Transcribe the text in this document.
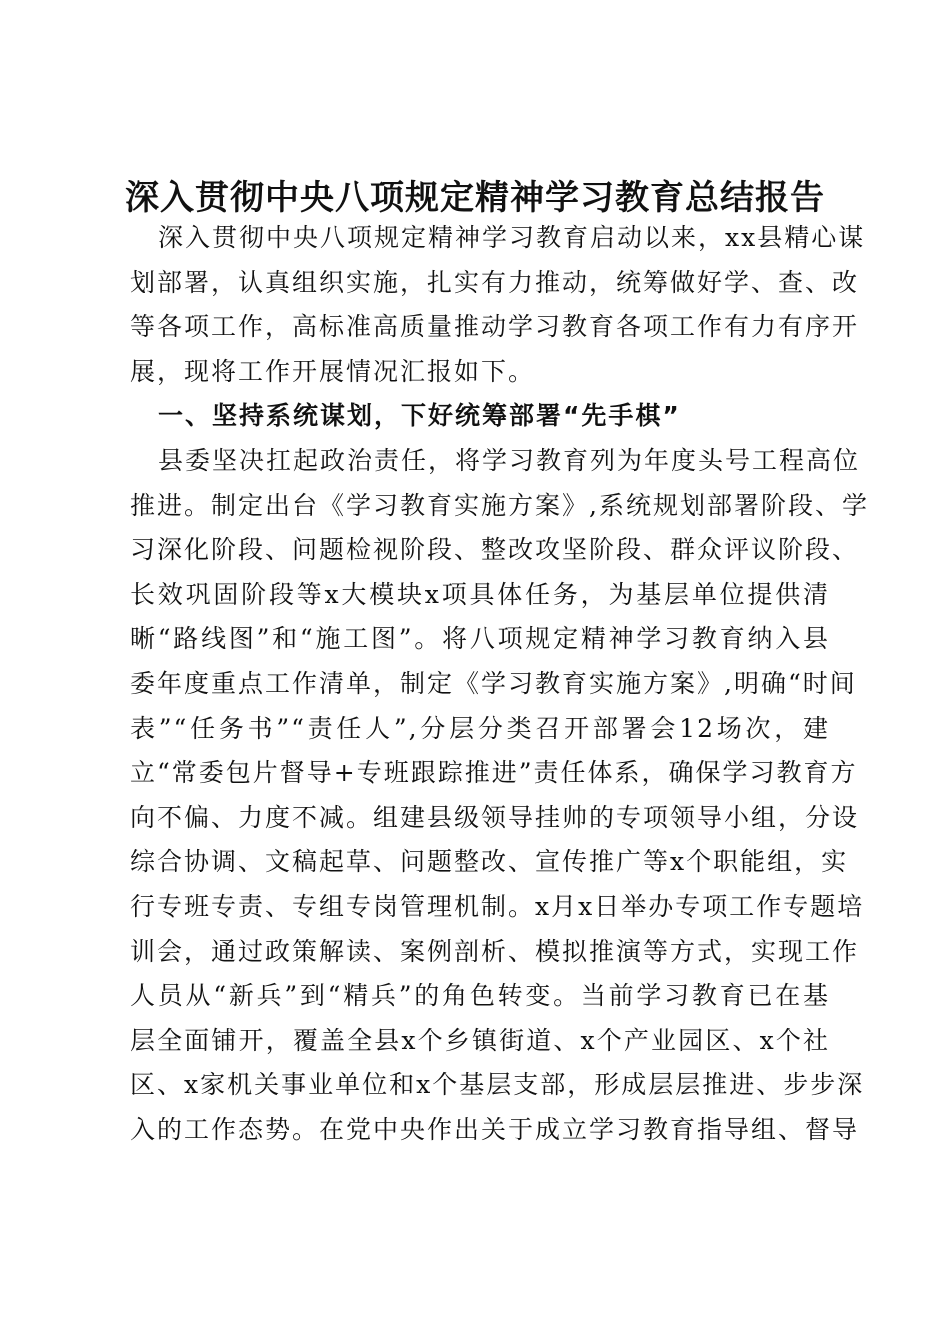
深入贯彻中央八项规定精神学习教育总结报告
深入贯彻中央八项规定精神学习教育启动以来，xx县精心谋
划部署，认真组织实施，扎实有力推动，统筹做好学、查、改
等各项工作，高标准高质量推动学习教育各项工作有力有序开
展，现将工作开展情况汇报如下。
一、坚持系统谋划，下好统筹部署“先手棋”
县委坚决扛起政治责任，将学习教育列为年度头号工程高位
推进。制定出台《学习教育实施方案》,系统规划部署阶段、学
习深化阶段、问题检视阶段、整改攻坚阶段、群众评议阶段、
长效巩固阶段等x大模块x项具体任务，为基层单位提供清
晰“路线图”和“施工图”。将八项规定精神学习教育纳入县
委年度重点工作清单，制定《学习教育实施方案》,明确“时间
表”“任务书”“责任人”,分层分类召开部署会12场次，建
立“常委包片督导+专班跟踪推进”责任体系，确保学习教育方
向不偏、力度不减。组建县级领导挂帅的专项领导小组，分设
综合协调、文稿起草、问题整改、宣传推广等x个职能组，实
行专班专责、专组专岗管理机制。x月x日举办专项工作专题培
训会，通过政策解读、案例剖析、模拟推演等方式，实现工作
人员从“新兵”到“精兵”的角色转变。当前学习教育已在基
层全面铺开，覆盖全县x个乡镇街道、x个产业园区、x个社
区、x家机关事业单位和x个基层支部，形成层层推进、步步深
入的工作态势。在党中央作出关于成立学习教育指导组、督导
